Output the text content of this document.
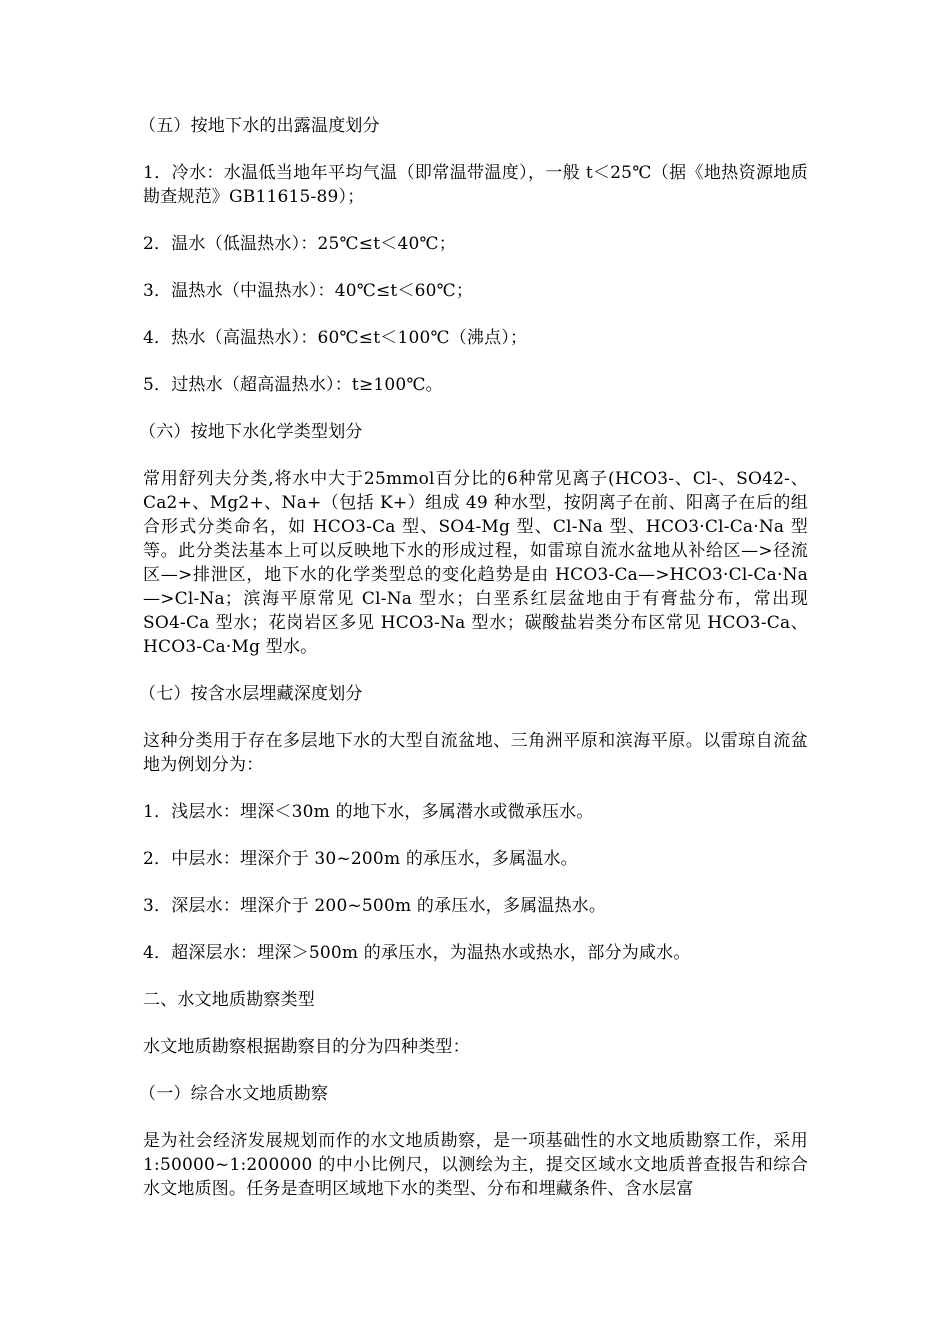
（五）按地下水的出露温度划分

1．冷水：水温低当地年平均气温（即常温带温度），一般 t＜25℃（据《地热资源地质勘查规范》GB11615-89）；

2．温水（低温热水）：25℃≤t＜40℃；

3．温热水（中温热水）：40℃≤t＜60℃；

4．热水（高温热水）：60℃≤t＜100℃（沸点）；

5．过热水（超高温热水）：t≥100℃。

（六）按地下水化学类型划分

常用舒列夫分类,将水中大于25mmol百分比的6种常见离子(HCO3-、Cl-、SO42-、Ca2+、Mg2+、Na+（包括 K+）组成 49 种水型，按阴离子在前、阳离子在后的组合形式分类命名，如 HCO3-Ca 型、SO4-Mg 型、Cl-Na 型、HCO3·Cl-Ca·Na 型等。此分类法基本上可以反映地下水的形成过程，如雷琼自流水盆地从补给区—>径流区—>排泄区，地下水的化学类型总的变化趋势是由 HCO3-Ca—>HCO3·Cl-Ca·Na—>Cl-Na；滨海平原常见 Cl-Na 型水；白垩系红层盆地由于有膏盐分布，常出现 SO4-Ca 型水；花岗岩区多见 HCO3-Na 型水；碳酸盐岩类分布区常见 HCO3-Ca、HCO3-Ca·Mg 型水。

（七）按含水层埋藏深度划分

这种分类用于存在多层地下水的大型自流盆地、三角洲平原和滨海平原。以雷琼自流盆地为例划分为：

1．浅层水：埋深＜30m 的地下水，多属潜水或微承压水。

2．中层水：埋深介于 30~200m 的承压水，多属温水。

3．深层水：埋深介于 200~500m 的承压水，多属温热水。

4．超深层水：埋深＞500m 的承压水，为温热水或热水，部分为咸水。

二、水文地质勘察类型

水文地质勘察根据勘察目的分为四种类型：

（一）综合水文地质勘察

是为社会经济发展规划而作的水文地质勘察，是一项基础性的水文地质勘察工作，采用 1:50000~1:200000 的中小比例尺，以测绘为主，提交区域水文地质普查报告和综合水文地质图。任务是查明区域地下水的类型、分布和埋藏条件、含水层富
